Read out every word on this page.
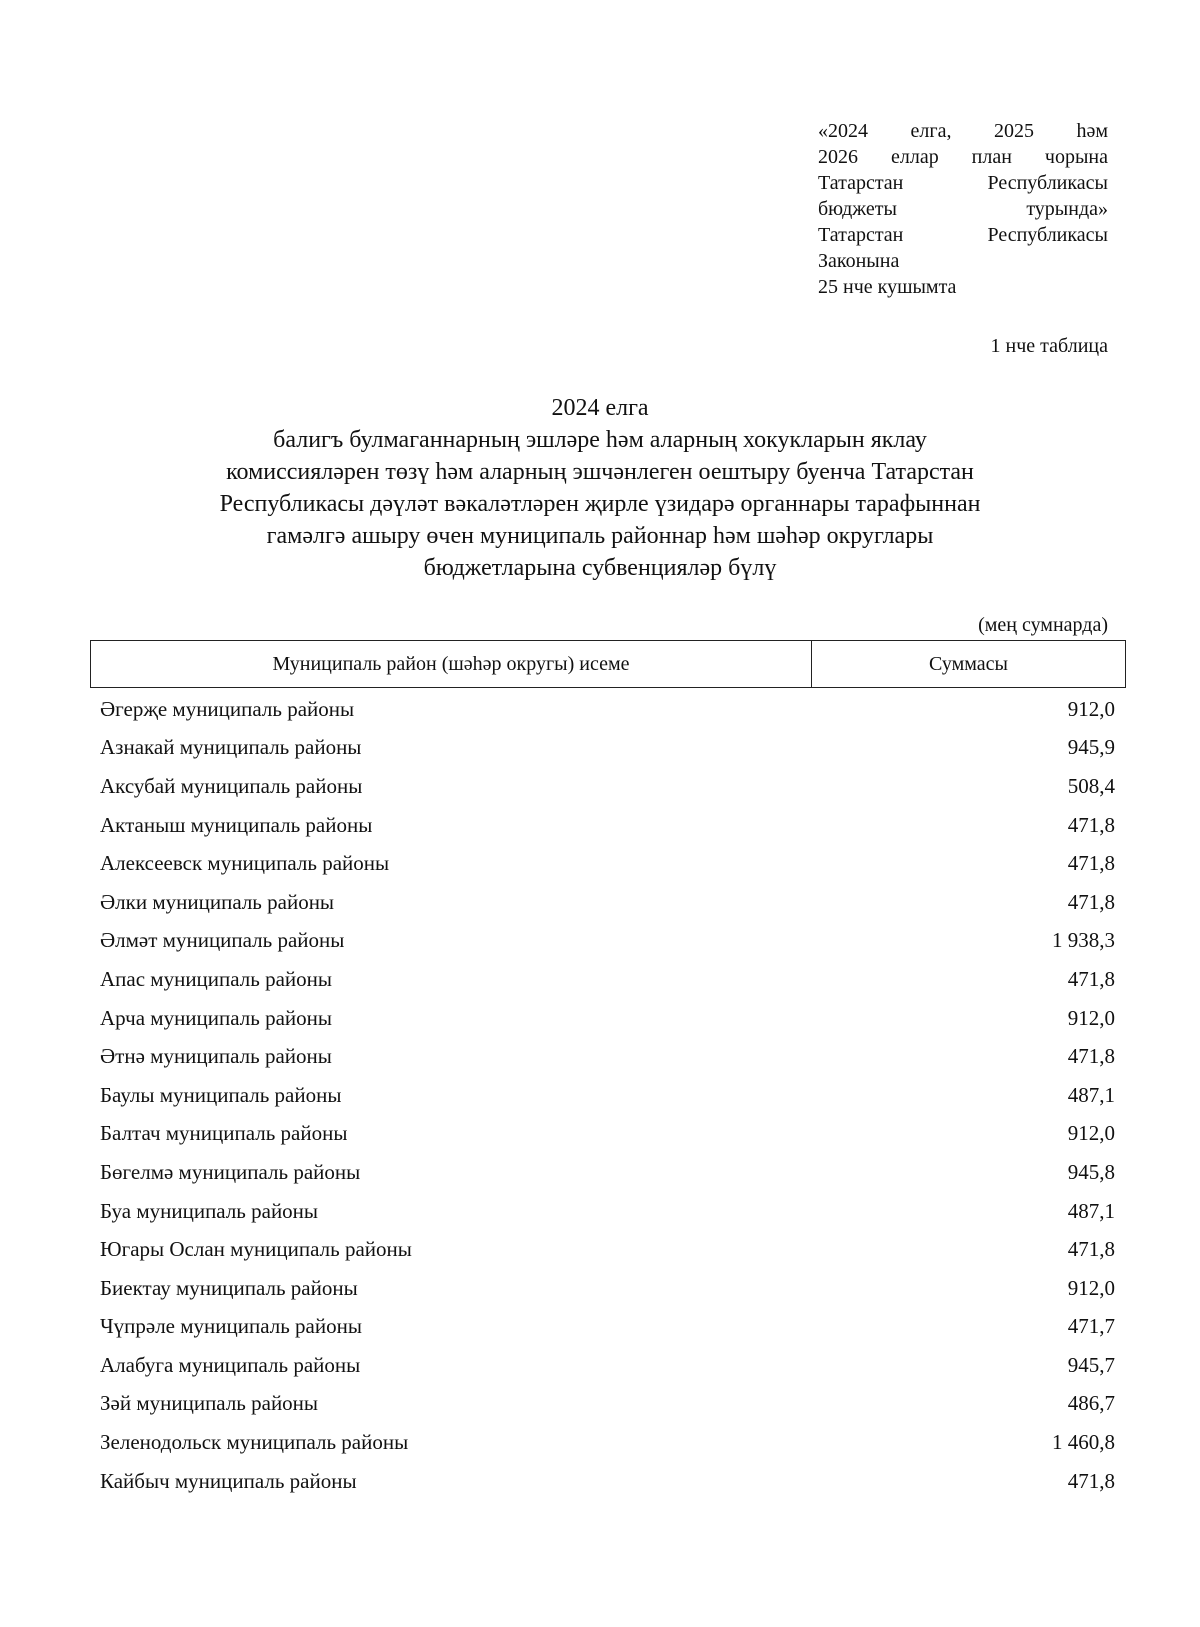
«2024 елга, 2025 һәм
2026 еллар план чорына
Татарстан Республикасы
бюджеты турында»
Татарстан Республикасы
Законына
25 нче кушымта
1 нче таблица
2024 елга
балигъ булмаганнарның эшләре һәм аларның хокукларын яклау
комиссияләрен төзү һәм аларның эшчәнлеген оештыру буенча Татарстан
Республикасы дәүләт вәкаләтләрен җирле үзидарә органнары тарафыннан
гамәлгә ашыру өчен муниципаль районнар һәм шәһәр округлары
бюджетларына субвенцияләр бүлү
(мең сумнарда)
Муниципаль район (шәһәр округы) исеме	Суммасы
Әгерҗе муниципаль районы	912,0
Азнакай муниципаль районы	945,9
Аксубай муниципаль районы	508,4
Актаныш муниципаль районы	471,8
Алексеевск муниципаль районы	471,8
Әлки муниципаль районы	471,8
Әлмәт муниципаль районы	1 938,3
Апас муниципаль районы	471,8
Арча муниципаль районы	912,0
Әтнә муниципаль районы	471,8
Баулы муниципаль районы	487,1
Балтач муниципаль районы	912,0
Бөгелмә муниципаль районы	945,8
Буа муниципаль районы	487,1
Югары Ослан муниципаль районы	471,8
Биектау муниципаль районы	912,0
Чүпрәле муниципаль районы	471,7
Алабуга муниципаль районы	945,7
Зәй муниципаль районы	486,7
Зеленодольск муниципаль районы	1 460,8
Кайбыч муниципаль районы	471,8
